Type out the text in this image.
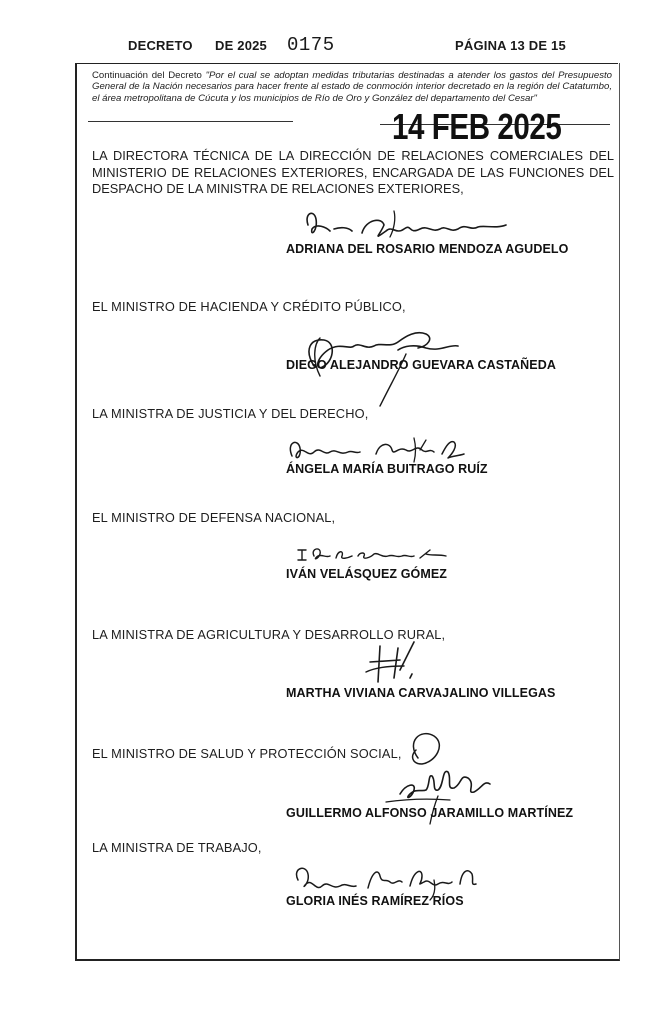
DECRETO DE 2025 0175	PÁGINA 13 DE 15
Continuación del Decreto "Por el cual se adoptan medidas tributarias destinadas a atender los gastos del Presupuesto General de la Nación necesarios para hacer frente al estado de conmoción interior decretado en la región del Catatumbo, el área metropolitana de Cúcuta y los municipios de Río de Oro y González del departamento del Cesar"
14 FEB 2025
LA DIRECTORA TÉCNICA DE LA DIRECCIÓN DE RELACIONES COMERCIALES DEL MINISTERIO DE RELACIONES EXTERIORES, ENCARGADA DE LAS FUNCIONES DEL DESPACHO DE LA MINISTRA DE RELACIONES EXTERIORES,
ADRIANA DEL ROSARIO MENDOZA AGUDELO
EL MINISTRO DE HACIENDA Y CRÉDITO PÚBLICO,
DIEGO ALEJANDRO GUEVARA CASTAÑEDA
LA MINISTRA DE JUSTICIA Y DEL DERECHO,
ÁNGELA MARÍA BUITRAGO RUÍZ
EL MINISTRO DE DEFENSA NACIONAL,
IVÁN VELÁSQUEZ GÓMEZ
LA MINISTRA DE AGRICULTURA Y DESARROLLO RURAL,
MARTHA VIVIANA CARVAJALINO VILLEGAS
EL MINISTRO DE SALUD Y PROTECCIÓN SOCIAL,
GUILLERMO ALFONSO JARAMILLO MARTÍNEZ
LA MINISTRA DE TRABAJO,
GLORIA INÉS RAMÍREZ RÍOS
